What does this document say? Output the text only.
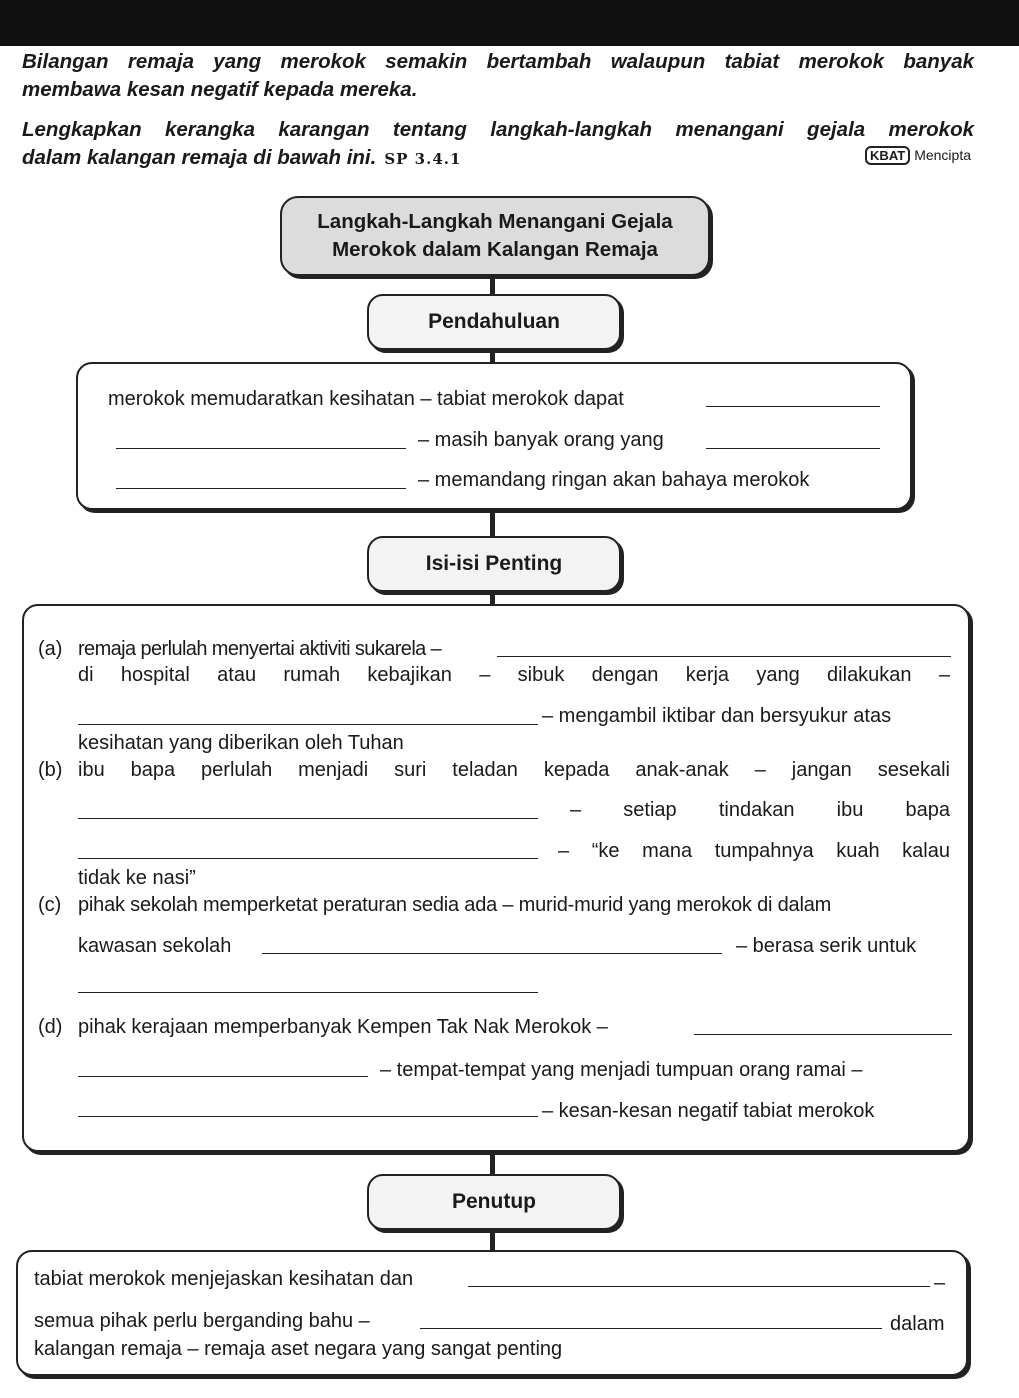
Bilangan remaja yang merokok semakin bertambah walaupun tabiat merokok banyak
membawa kesan negatif kepada mereka.
Lengkapkan kerangka karangan tentang langkah-langkah menangani gejala merokok
dalam kalangan remaja di bawah ini. SP 3.4.1	KBAT Mencipta
Langkah-Langkah Menangani Gejala
Merokok dalam Kalangan Remaja
Pendahuluan
merokok memudaratkan kesihatan – tabiat merokok dapat
– masih banyak orang yang
– memandang ringan akan bahaya merokok
Isi-isi Penting
(a) remaja perlulah menyertai aktiviti sukarela –
di hospital atau rumah kebajikan – sibuk dengan kerja yang dilakukan –
– mengambil iktibar dan bersyukur atas
kesihatan yang diberikan oleh Tuhan
(b) ibu bapa perlulah menjadi suri teladan kepada anak-anak – jangan sesekali
– setiap tindakan ibu bapa
– “ke mana tumpahnya kuah kalau
tidak ke nasi”
(c) pihak sekolah memperketat peraturan sedia ada – murid-murid yang merokok di dalam
kawasan sekolah	– berasa serik untuk
(d) pihak kerajaan memperbanyak Kempen Tak Nak Merokok –
– tempat-tempat yang menjadi tumpuan orang ramai –
– kesan-kesan negatif tabiat merokok
Penutup
tabiat merokok menjejaskan kesihatan dan	–
semua pihak perlu berganding bahu –	dalam
kalangan remaja – remaja aset negara yang sangat penting
